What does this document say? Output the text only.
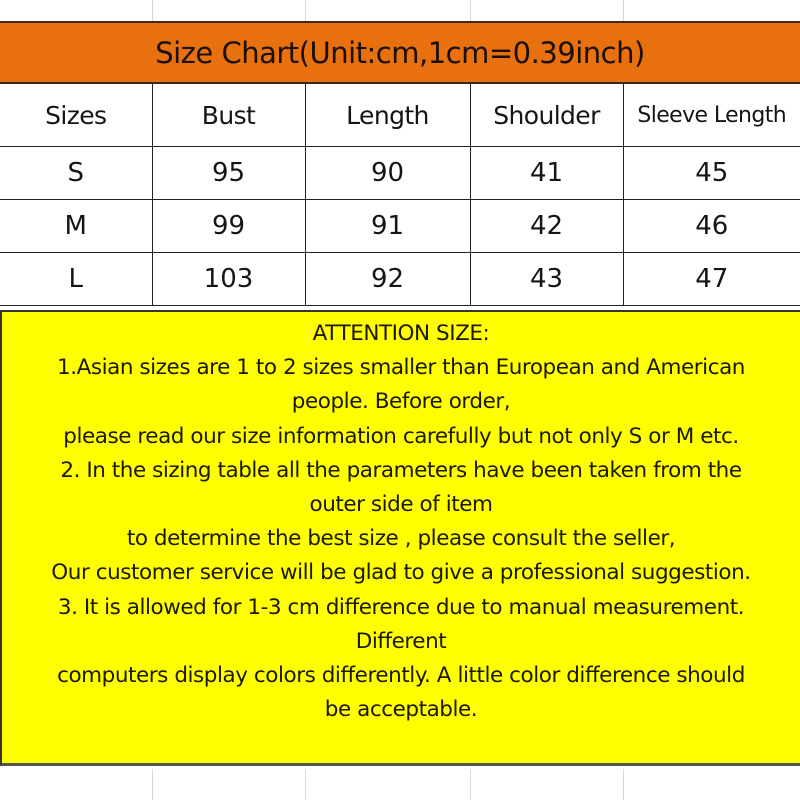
Size Chart(Unit:cm,1cm=0.39inch)
Sizes	Bust	Length	Shoulder	Sleeve Length
S	95	90	41	45
M	99	91	42	46
L	103	92	43	47
ATTENTION SIZE:
1.Asian sizes are 1 to 2 sizes smaller than European and American
people. Before order,
please read our size information carefully but not only S or M etc.
2. In the sizing table all the parameters have been taken from the
outer side of item
to determine the best size , please consult the seller,
Our customer service will be glad to give a professional suggestion.
3. It is allowed for 1-3 cm difference due to manual measurement.
Different
computers display colors differently. A little color difference should
be acceptable.
